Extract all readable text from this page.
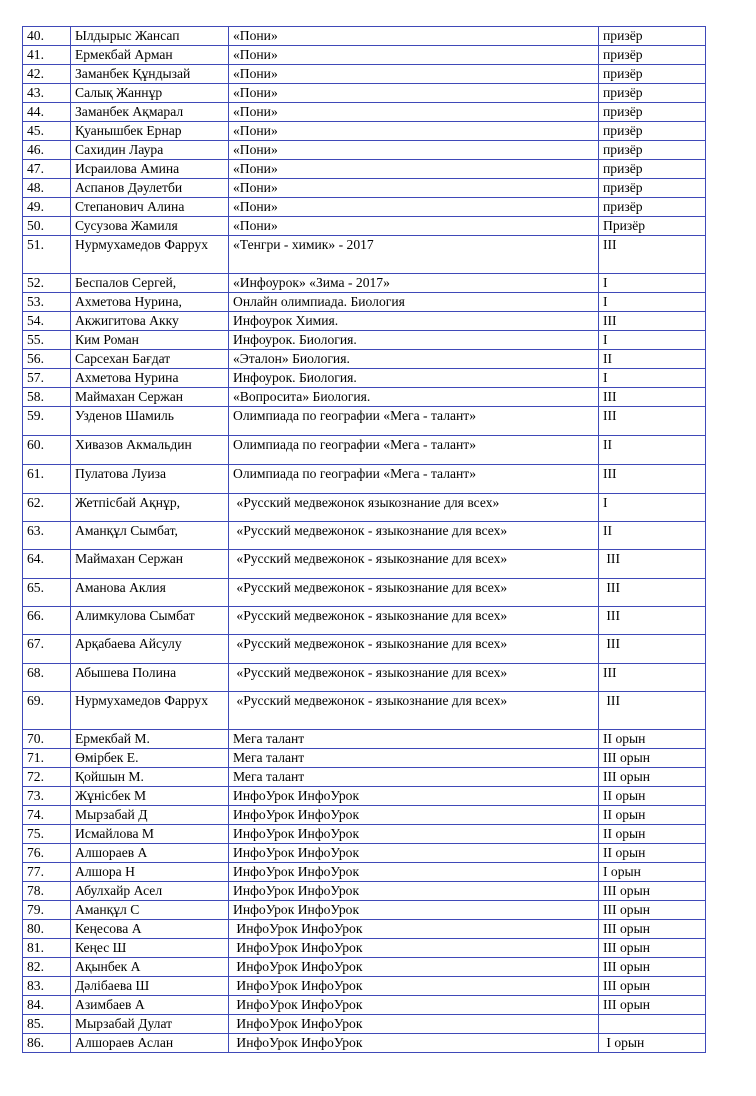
40.	Ылдырыс Жансап	«Пони»	призёр
41.	Ермекбай Арман	«Пони»	призёр
42.	Заманбек Құндызай	«Пони»	призёр
43.	Салық Жаннұр	«Пони»	призёр
44.	Заманбек Ақмарал	«Пони»	призёр
45.	Қуанышбек Ернар	«Пони»	призёр
46.	Сахидин Лаура	«Пони»	призёр
47.	Исраилова Амина	«Пони»	призёр
48.	Аспанов Дәулетби	«Пони»	призёр
49.	Степанович Алина	«Пони»	призёр
50.	Сусузова Жамиля	«Пони»	Призёр
51.	Нурмухамедов Фаррух	«Тенгри - химик» - 2017	III
52.	Беспалов Сергей,	«Инфоурок» «Зима - 2017»	I
53.	Ахметова Нурина,	Онлайн олимпиада. Биология	I
54.	Акжигитова Акку	Инфоурок Химия.	III
55.	Ким Роман	Инфоурок. Биология.	I
56.	Сарсехан Бағдат	«Эталон» Биология.	II
57.	Ахметова Нурина	Инфоурок. Биология.	I
58.	Маймахан Сержан	«Вопросита» Биология.	III
59.	Узденов Шамиль	Олимпиада по географии «Мега - талант»	III
60.	Хивазов Акмальдин	Олимпиада по географии «Мега - талант»	II
61.	Пулатова Луиза	Олимпиада по географии «Мега - талант»	III
62.	Жетпісбай Ақнұр,	«Русский медвежонок языкознание для всех»	I
63.	Аманқұл Сымбат,	«Русский медвежонок - языкознание для всех»	II
64.	Маймахан Сержан	«Русский медвежонок - языкознание для всех»	III
65.	Аманова Аклия	«Русский медвежонок - языкознание для всех»	III
66.	Алимкулова Сымбат	«Русский медвежонок - языкознание для всех»	III
67.	Арқабаева Айсулу	«Русский медвежонок - языкознание для всех»	III
68.	Абышева Полина	«Русский медвежонок - языкознание для всех»	III
69.	Нурмухамедов Фаррух	«Русский медвежонок - языкознание для всех»	III
70.	Ермекбай М.	Мега талант	II орын
71.	Өмірбек Е.	Мега талант	III орын
72.	Қойшын М.	Мега талант	III орын
73.	Жұнісбек М	ИнфоУрок ИнфоУрок	II орын
74.	Мырзабай Д	ИнфоУрок ИнфоУрок	II орын
75.	Исмайлова М	ИнфоУрок ИнфоУрок	II орын
76.	Алшораев А	ИнфоУрок ИнфоУрок	II орын
77.	Алшора Н	ИнфоУрок ИнфоУрок	I орын
78.	Абулхайр Асел	ИнфоУрок ИнфоУрок	III орын
79.	Аманқұл С	ИнфоУрок ИнфоУрок	III орын
80.	Кеңесова А	ИнфоУрок ИнфоУрок	III орын
81.	Кеңес Ш	ИнфоУрок ИнфоУрок	III орын
82.	Ақынбек А	ИнфоУрок ИнфоУрок	III орын
83.	Дәлібаева Ш	ИнфоУрок ИнфоУрок	III орын
84.	Азимбаев А	ИнфоУрок ИнфоУрок	III орын
85.	Мырзабай Дулат	ИнфоУрок ИнфоУрок	
86.	Алшораев Аслан	ИнфоУрок ИнфоУрок	I орын
